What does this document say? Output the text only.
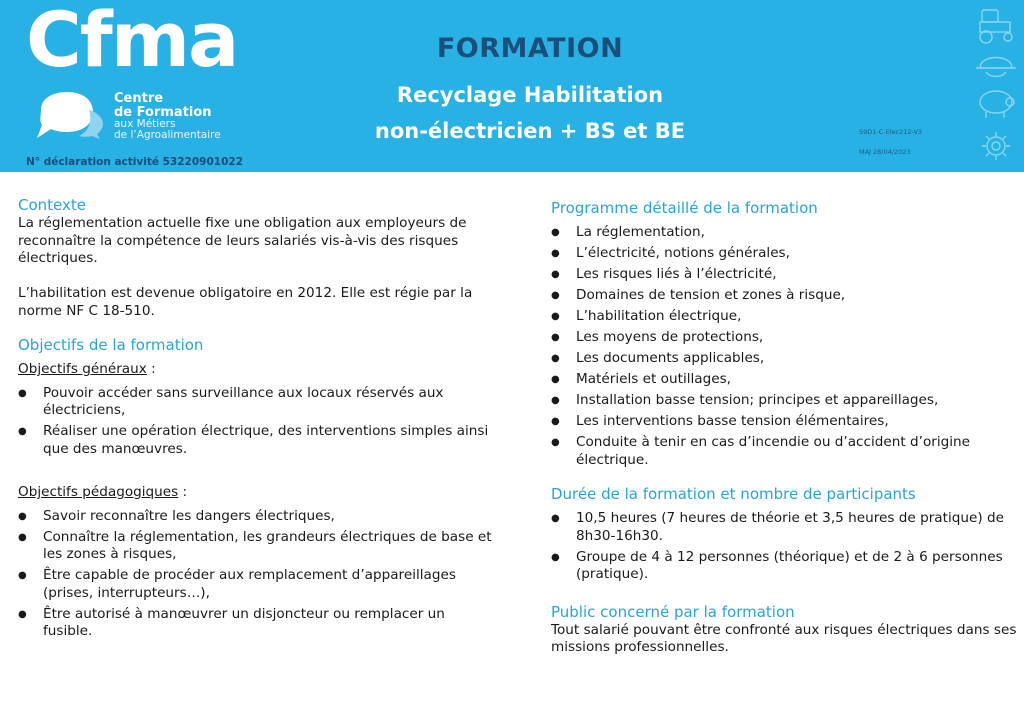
Cfma
Centre
de Formation
aux Métiers
de l’Agroalimentaire
N° déclaration activité 53220901022
FORMATION
Recyclage Habilitation
non-électricien + BS et BE	S9D1-C-Elec212-V3
MAJ 28/04/2023
Contexte

La réglementation actuelle fixe une obligation aux employeurs de reconnaître la compétence de leurs salariés vis-à-vis des risques électriques.

L’habilitation est devenue obligatoire en 2012. Elle est régie par la norme NF C 18-510.

Objectifs de la formation
Objectifs généraux :
● Pouvoir accéder sans surveillance aux locaux réservés aux électriciens,
● Réaliser une opération électrique, des interventions simples ainsi que des manœuvres.
Objectifs pédagogiques :
● Savoir reconnaître les dangers électriques,
● Connaître la réglementation, les grandeurs électriques de base et les zones à risques,
● Être capable de procéder aux remplacement d’appareillages (prises, interrupteurs…),
● Être autorisé à manœuvrer un disjoncteur ou remplacer un fusible.
Programme détaillé de la formation
● La réglementation,
● L’électricité, notions générales,
● Les risques liés à l’électricité,
● Domaines de tension et zones à risque,
● L’habilitation électrique,
● Les moyens de protections,
● Les documents applicables,
● Matériels et outillages,
● Installation basse tension; principes et appareillages,
● Les interventions basse tension élémentaires,
● Conduite à tenir en cas d’incendie ou d’accident d’origine électrique.
Durée de la formation et nombre de participants
● 10,5 heures (7 heures de théorie et 3,5 heures de pratique) de 8h30-16h30.
● Groupe de 4 à 12 personnes (théorique) et de 2 à 6 personnes (pratique).
Public concerné par la formation

Tout salarié pouvant être confronté aux risques électriques dans ses missions professionnelles.
